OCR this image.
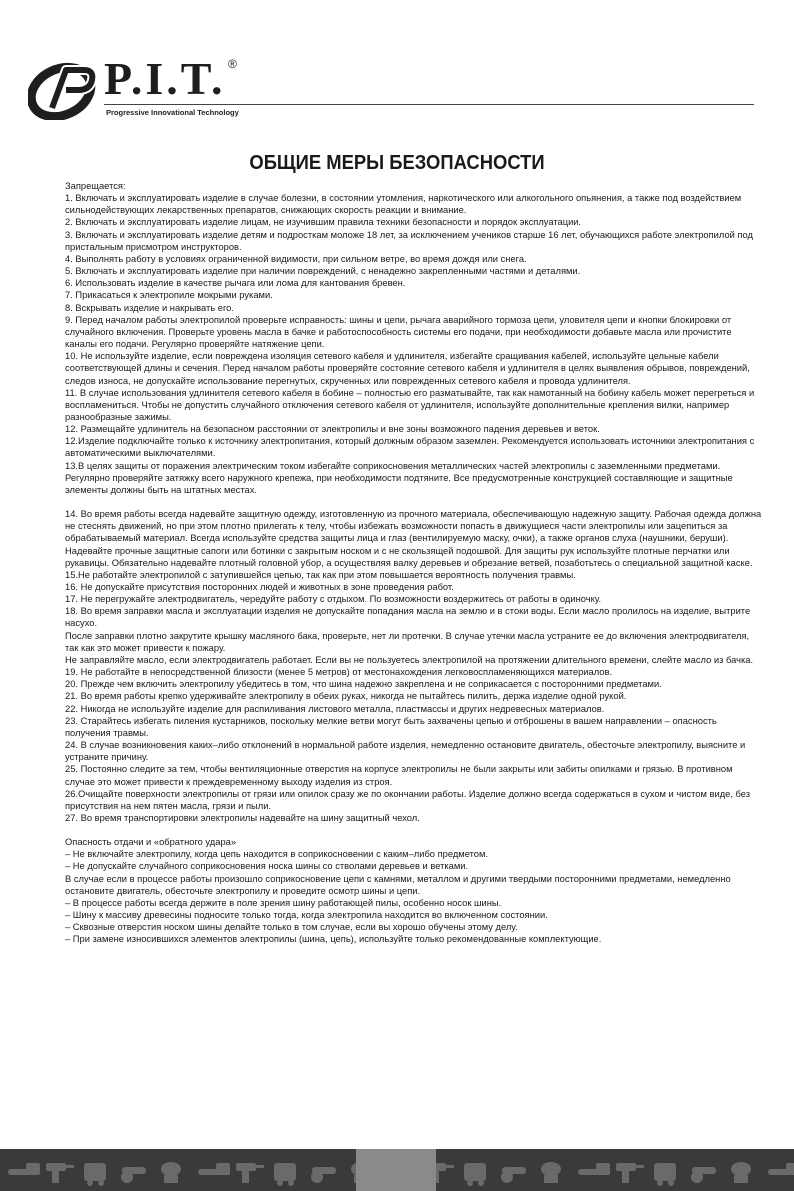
P.I.T. ®
Progressive Innovational Technology
ОБЩИЕ МЕРЫ БЕЗОПАСНОСТИ

Запрещается:

1. Включать и эксплуатировать изделие в случае болезни, в состоянии утомления, наркотического или алкогольного опьянения, а также под воздействием сильнодействующих лекарственных препаратов, снижающих скорость реакции и внимание.

2. Включать и эксплуатировать изделие лицам, не изучившим правила техники безопасности и порядок эксплуатации.

3. Включать и эксплуатировать изделие детям и подросткам моложе 18 лет, за исключением учеников старше 16 лет, обучающихся работе электропилой под пристальным присмотром инструкторов.

4. Выполнять работу в условиях ограниченной видимости, при сильном ветре, во время дождя или снега.

5. Включать и эксплуатировать изделие при наличии повреждений, с ненадежно закрепленными частями и деталями.

6. Использовать изделие в качестве рычага или лома для кантования бревен.

7. Прикасаться к электропиле мокрыми руками.

8. Вскрывать изделие и накрывать его.

9. Перед началом работы электропилой проверьте исправность: шины и цепи, рычага аварийного тормоза цепи, уловителя цепи и кнопки блокировки от случайного включения. Проверьте уровень масла в бачке и работоспособность системы его подачи, при необходимости добавьте масла или прочистите каналы его подачи. Регулярно проверяйте натяжение цепи.

10. Не используйте изделие, если повреждена изоляция сетевого кабеля и удлинителя, избегайте сращивания кабелей, используйте цельные кабели соответствующей длины и сечения. Перед началом работы проверяйте состояние сетевого кабеля и удлинителя в целях выявления обрывов, повреждений, следов износа, не допускайте использование перегнутых, скрученных или поврежденных сетевого кабеля и провода удлинителя.

11. В случае использования удлинителя сетевого кабеля в бобине – полностью его разматывайте, так как намотанный на бобину кабель может перегреться и воспламениться. Чтобы не допустить случайного отключения сетевого кабеля от удлинителя, используйте дополнительные крепления вилки, например разнообразные зажимы.

12. Размещайте удлинитель на безопасном расстоянии от электропилы и вне зоны возможного падения деревьев и веток.

12.Изделие подключайте только к источнику электропитания, который должным образом заземлен. Рекомендуется использовать источники электропитания с автоматическими выключателями.

13.В целях защиты от поражения электрическим током избегайте соприкосновения металлических частей электропилы с заземленными предметами.

Регулярно проверяйте затяжку всего наружного крепежа, при необходимости подтяните. Все предусмотренные конструкцией составляющие и защитные элементы должны быть на штатных местах.

14. Во время работы всегда надевайте защитную одежду, изготовленную из прочного материала, обеспечивающую надежную защиту. Рабочая одежда должна не стеснять движений, но при этом плотно прилегать к телу, чтобы избежать возможности попасть в движущиеся части электропилы или зацепиться за обрабатываемый материал. Всегда используйте средства защиты лица и глаз (вентилируемую маску, очки), а также органов слуха (наушники, беруши). Надевайте прочные защитные сапоги или ботинки с закрытым носком и с не скользящей подошвой. Для защиты рук используйте плотные перчатки или рукавицы. Обязательно надевайте плотный головной убор, а осуществляя валку деревьев и обрезание ветвей, позаботьтесь о специальной защитной каске.

15.Не работайте электропилой с затупившейся цепью, так как при этом повышается вероятность получения травмы.

16. Не допускайте присутствия посторонних людей и животных в зоне проведения работ.

17. Не перегружайте электродвигатель, чередуйте работу с отдыхом. По возможности воздержитесь от работы в одиночку.

18. Во время заправки масла и эксплуатации изделия не допускайте попадания масла на землю и в стоки воды. Если масло пролилось на изделие, вытрите насухо.

После заправки плотно закрутите крышку масляного бака, проверьте, нет ли протечки. В случае утечки масла устраните ее до включения электродвигателя, так как это может привести к пожару.

Не заправляйте масло, если электродвигатель работает. Если вы не пользуетесь электропилой на протяжении длительного времени, слейте масло из бачка.

19. Не работайте в непосредственной близости (менее 5 метров) от местонахождения легковоспламеняющихся материалов.

20. Прежде чем включить электропилу убедитесь в том, что шина надежно закреплена и не соприкасается с посторонними предметами.

21. Во время работы крепко удерживайте электропилу в обеих руках, никогда не пытайтесь пилить, держа изделие одной рукой.

22. Никогда не используйте изделие для распиливания листового металла, пластмассы и других недревесных материалов.

23. Старайтесь избегать пиления кустарников, поскольку мелкие ветви могут быть захвачены цепью и отброшены в вашем направлении – опасность получения травмы.

24. В случае возникновения каких–либо отклонений в нормальной работе изделия, немедленно остановите двигатель, обесточьте электропилу, выясните и устраните причину.

25. Постоянно следите за тем, чтобы вентиляционные отверстия на корпусе электропилы не были закрыты или забиты опилками и грязью. В противном случае это может привести к преждевременному выходу изделия из строя.

26.Очищайте поверхности электропилы от грязи или опилок сразу же по окончании работы. Изделие должно всегда содержаться в сухом и чистом виде, без присутствия на нем пятен масла, грязи и пыли.

27. Во время транспортировки электропилы надевайте на шину защитный чехол.

Опасность отдачи и «обратного удара»

– Не включайте электропилу, когда цепь находится в соприкосновении с каким–либо предметом.

– Не допускайте случайного соприкосновения носка шины со стволами деревьев и ветками.

В случае если в процессе работы произошло соприкосновение цепи с камнями, металлом и другими твердыми посторонними предметами, немедленно остановите двигатель, обесточьте электропилу и проведите осмотр шины и цепи.

– В процессе работы всегда держите в поле зрения шину работающей пилы, особенно носок шины.

– Шину к массиву древесины подносите только тогда, когда электропила находится во включенном состоянии.

– Сквозные отверстия носком шины делайте только в том случае, если вы хорошо обучены этому делу.

– При замене износившихся элементов электропилы (шина, цепь), используйте только рекомендованные комплектующие.
